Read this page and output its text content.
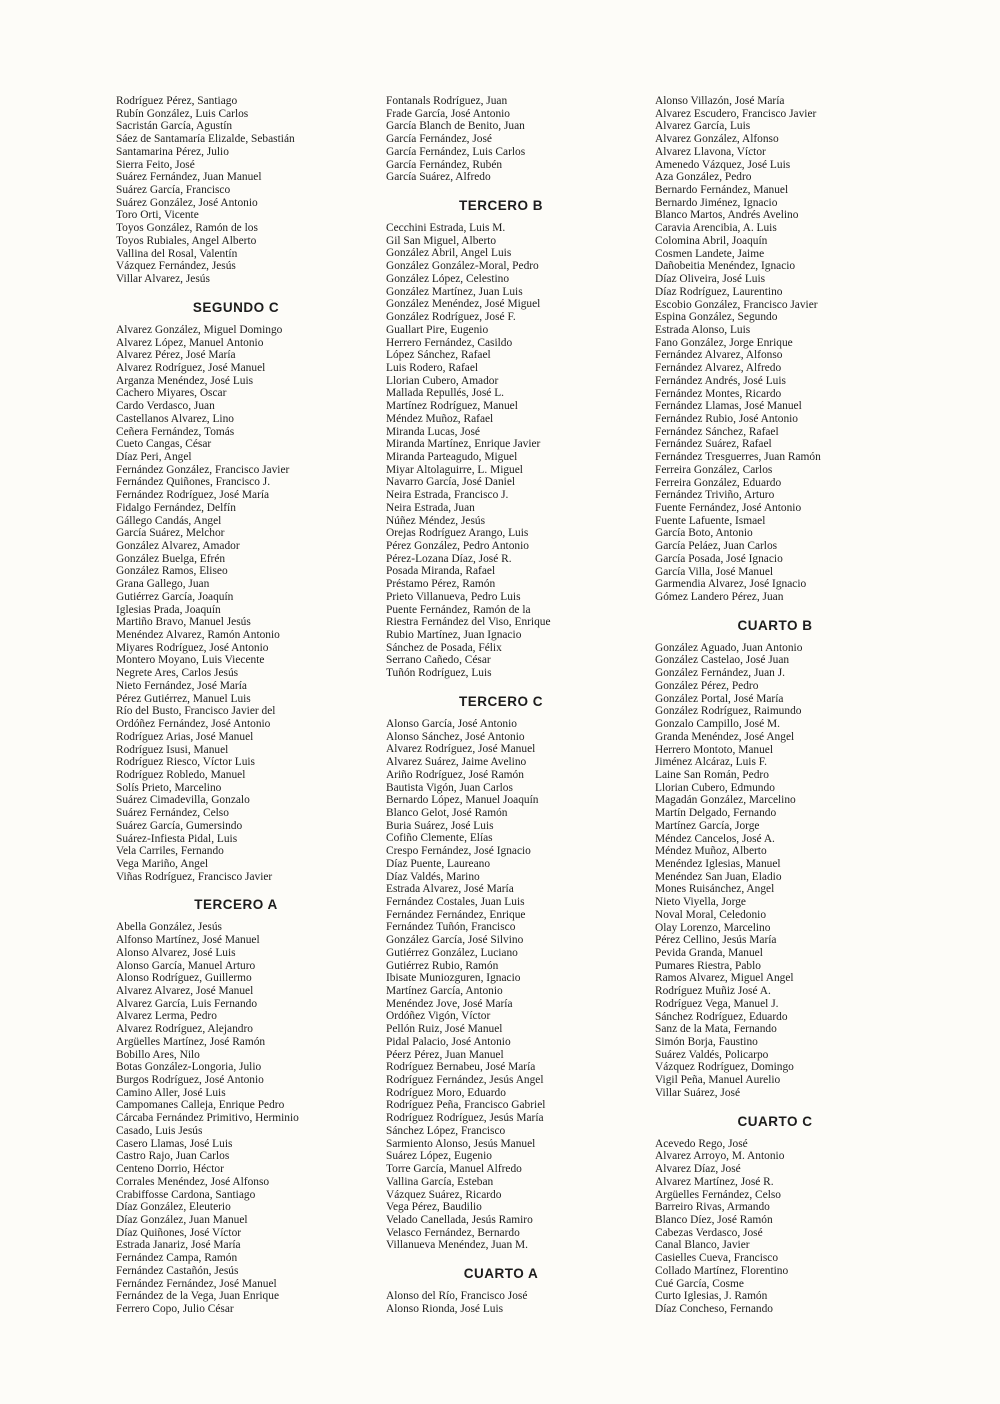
Rodríguez Pérez, Santiago
Rubín González, Luis Carlos
Sacristán García, Agustín
Sáez de Santamaría Elizalde, Sebastián
Santamarina Pérez, Julio
Sierra Feito, José
Suárez Fernández, Juan Manuel
Suárez García, Francisco
Suárez González, José Antonio
Toro Orti, Vicente
Toyos González, Ramón de los
Toyos Rubiales, Angel Alberto
Vallina del Rosal, Valentín
Vázquez Fernández, Jesús
Villar Alvarez, Jesús
SEGUNDO C
Alvarez González, Miguel Domingo
Alvarez López, Manuel Antonio
Alvarez Pérez, José María
Alvarez Rodríguez, José Manuel
Arganza Menéndez, José Luis
Cachero Miyares, Oscar
Cardo Verdasco, Juan
Castellanos Alvarez, Lino
Ceñera Fernández, Tomás
Cueto Cangas, César
Díaz Peri, Angel
Fernández González, Francisco Javier
Fernández Quiñones, Francisco J.
Fernández Rodríguez, José María
Fidalgo Fernández, Delfín
Gállego Candás, Angel
García Suárez, Melchor
González Alvarez, Amador
González Buelga, Efrén
González Ramos, Eliseo
Grana Gallego, Juan
Gutiérrez García, Joaquín
Iglesias Prada, Joaquín
Martiño Bravo, Manuel Jesús
Menéndez Alvarez, Ramón Antonio
Miyares Rodríguez, José Antonio
Montero Moyano, Luis Viecente
Negrete Ares, Carlos Jesús
Nieto Fernández, José María
Pérez Gutiérrez, Manuel Luis
Río del Busto, Francisco Javier del
Ordóñez Fernández, José Antonio
Rodríguez Arias, José Manuel
Rodríguez Isusi, Manuel
Rodríguez Riesco, Víctor Luis
Rodríguez Robledo, Manuel
Solís Prieto, Marcelino
Suárez Cimadevilla, Gonzalo
Suárez Fernández, Celso
Suárez García, Gumersindo
Suárez-Infiesta Pidal, Luis
Vela Carriles, Fernando
Vega Mariño, Angel
Viñas Rodríguez, Francisco Javier
TERCERO A
Abella González, Jesús
Alfonso Martínez, José Manuel
Alonso Alvarez, José Luis
Alonso García, Manuel Arturo
Alonso Rodríguez, Guillermo
Alvarez Alvarez, José Manuel
Alvarez García, Luis Fernando
Alvarez Lerma, Pedro
Alvarez Rodríguez, Alejandro
Argüelles Martínez, José Ramón
Bobillo Ares, Nilo
Botas González-Longoria, Julio
Burgos Rodríguez, José Antonio
Camino Aller, José Luis
Campomanes Calleja, Enrique Pedro
Cárcaba Fernández Primitivo, Herminio
Casado, Luis Jesús
Casero Llamas, José Luis
Castro Rajo, Juan Carlos
Centeno Dorrio, Héctor
Corrales Menéndez, José Alfonso
Crabiffosse Cardona, Santiago
Díaz González, Eleuterio
Díaz González, Juan Manuel
Díaz Quiñones, José Víctor
Estrada Janariz, José María
Fernández Campa, Ramón
Fernández Castañón, Jesús
Fernández Fernández, José Manuel
Fernández de la Vega, Juan Enrique
Ferrero Copo, Julio César
Fontanals Rodríguez, Juan
Frade García, José Antonio
García Blanch de Benito, Juan
García Fernández, José
García Fernández, Luis Carlos
García Fernández, Rubén
García Suárez, Alfredo
TERCERO B
Cecchini Estrada, Luis M.
Gil San Miguel, Alberto
González Abril, Angel Luis
González González-Moral, Pedro
González López, Celestino
González Martínez, Juan Luis
González Menéndez, José Miguel
González Rodríguez, José F.
Guallart Pire, Eugenio
Herrero Fernández, Casildo
López Sánchez, Rafael
Luis Rodero, Rafael
Llorian Cubero, Amador
Mallada Repullés, José L.
Martínez Rodríguez, Manuel
Méndez Muñoz, Rafael
Miranda Lucas, José
Miranda Martínez, Enrique Javier
Miranda Parteagudo, Miguel
Miyar Altolaguirre, L. Miguel
Navarro García, José Daniel
Neira Estrada, Francisco J.
Neira Estrada, Juan
Núñez Méndez, Jesús
Orejas Rodríguez Arango, Luis
Pérez González, Pedro Antonio
Pérez-Lozana Díaz, José R.
Posada Miranda, Rafael
Préstamo Pérez, Ramón
Prieto Villanueva, Pedro Luis
Puente Fernández, Ramón de la
Riestra Fernández del Viso, Enrique
Rubio Martínez, Juan Ignacio
Sánchez de Posada, Félix
Serrano Cañedo, César
Tuñón Rodríguez, Luis
TERCERO C
Alonso García, José Antonio
Alonso Sánchez, José Antonio
Alvarez Rodríguez, José Manuel
Alvarez Suárez, Jaime Avelino
Ariño Rodríguez, José Ramón
Bautista Vigón, Juan Carlos
Bernardo López, Manuel Joaquín
Blanco Gelot, José Ramón
Buria Suárez, José Luis
Cofiño Clemente, Elías
Crespo Fernández, José Ignacio
Díaz Puente, Laureano
Díaz Valdés, Marino
Estrada Alvarez, José María
Fernández Costales, Juan Luis
Fernández Fernández, Enrique
Fernández Tuñón, Francisco
González García, José Silvino
Gutiérrez González, Luciano
Gutiérrez Rubio, Ramón
Ibisate Muniozguren, Ignacio
Martínez García, Antonio
Menéndez Jove, José María
Ordóñez Vigón, Víctor
Pellón Ruiz, José Manuel
Pidal Palacio, José Antonio
Péerz Pérez, Juan Manuel
Rodríguez Bernabeu, José María
Rodríguez Fernández, Jesús Angel
Rodríguez Moro, Eduardo
Rodríguez Peña, Francisco Gabriel
Rodríguez Rodríguez, Jesús María
Sánchez López, Francisco
Sarmiento Alonso, Jesús Manuel
Suárez López, Eugenio
Torre García, Manuel Alfredo
Vallina García, Esteban
Vázquez Suárez, Ricardo
Vega Pérez, Baudilio
Velado Canellada, Jesús Ramiro
Velasco Fernández, Bernardo
Villanueva Menéndez, Juan M.
CUARTO A
Alonso del Río, Francisco José
Alonso Rionda, José Luis
Alonso Villazón, José María
Alvarez Escudero, Francisco Javier
Alvarez García, Luis
Alvarez González, Alfonso
Alvarez Llavona, Víctor
Amenedo Vázquez, José Luis
Aza González, Pedro
Bernardo Fernández, Manuel
Bernardo Jiménez, Ignacio
Blanco Martos, Andrés Avelino
Caravia Arencibia, A. Luis
Colomina Abril, Joaquín
Cosmen Landete, Jaime
Dañobeitia Menéndez, Ignacio
Díaz Oliveira, José Luis
Díaz Rodríguez, Laurentino
Escobio González, Francisco Javier
Espina González, Segundo
Estrada Alonso, Luis
Fano González, Jorge Enrique
Fernández Alvarez, Alfonso
Fernández Alvarez, Alfredo
Fernández Andrés, José Luis
Fernández Montes, Ricardo
Fernández Llamas, José Manuel
Fernández Rubio, José Antonio
Fernández Sánchez, Rafael
Fernández Suárez, Rafael
Fernández Tresguerres, Juan Ramón
Ferreira González, Carlos
Ferreira González, Eduardo
Fernández Triviño, Arturo
Fuente Fernández, José Antonio
Fuente Lafuente, Ismael
García Boto, Antonio
García Peláez, Juan Carlos
García Posada, José Ignacio
García Villa, José Manuel
Garmendia Alvarez, José Ignacio
Gómez Landero Pérez, Juan
CUARTO B
González Aguado, Juan Antonio
González Castelao, José Juan
González Fernández, Juan J.
González Pérez, Pedro
González Portal, José María
González Rodríguez, Raimundo
Gonzalo Campillo, José M.
Granda Menéndez, José Angel
Herrero Montoto, Manuel
Jiménez Alcáraz, Luis F.
Laine San Román, Pedro
Llorian Cubero, Edmundo
Magadán González, Marcelino
Martín Delgado, Fernando
Martínez García, Jorge
Méndez Cancelos, José A.
Méndez Muñoz, Alberto
Menéndez Iglesias, Manuel
Menéndez San Juan, Eladio
Mones Ruisánchez, Angel
Nieto Viyella, Jorge
Noval Moral, Celedonio
Olay Lorenzo, Marcelino
Pérez Cellino, Jesús María
Pevida Granda, Manuel
Pumares Riestra, Pablo
Ramos Alvarez, Miguel Angel
Rodríguez Muñiz José A.
Rodríguez Vega, Manuel J.
Sánchez Rodríguez, Eduardo
Sanz de la Mata, Fernando
Simón Borja, Faustino
Suárez Valdés, Policarpo
Vázquez Rodríguez, Domingo
Vigil Peña, Manuel Aurelio
Villar Suárez, José
CUARTO C
Acevedo Rego, José
Alvarez Arroyo, M. Antonio
Alvarez Díaz, José
Alvarez Martínez, José R.
Argüelles Fernández, Celso
Barreiro Rivas, Armando
Blanco Díez, José Ramón
Cabezas Verdasco, José
Canal Blanco, Javier
Casielles Cueva, Francisco
Collado Martínez, Florentino
Cué García, Cosme
Curto Iglesias, J. Ramón
Díaz Concheso, Fernando
